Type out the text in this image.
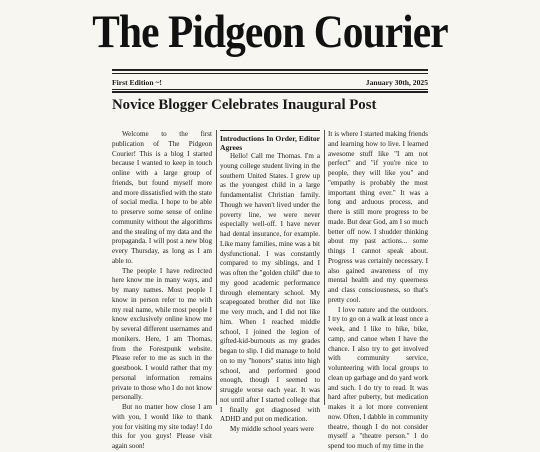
The Pidgeon Courier
First Edition ~!	January 30th, 2025
Novice Blogger Celebrates Inaugural Post

Welcome to the first publication of The Pidgeon Courier! This is a blog I started because I wanted to keep in touch online with a large group of friends, but found myself more and more dissatisfied with the state of social media. I hope to be able to preserve some sense of online community without the algorithms and the stealing of my data and the propaganda. I will post a new blog every Thursday, as long as I am able to.

The people I have redirected here know me in many ways, and by many names. Most people I know in person refer to me with my real name, while most people I know exclusively online know me by several different usernames and monikers. Here, I am Thomas, from the Forestpunk website. Please refer to me as such in the guestbook. I would rather that my personal information remains private to those who I do not know personally.

But no matter how close I am with you, I would like to thank you for visiting my site today! I do this for you guys! Please visit again soon!

Introductions In Order, Editor Agrees

Hello! Call me Thomas. I'm a young college student living in the southern United States. I grew up as the youngest child in a large fundamentalist Christian family. Though we haven't lived under the poverty line, we were never especially well-off. I have never had dental insurance, for example. Like many families, mine was a bit dysfunctional. I was constantly compared to my siblings, and I was often the "golden child" due to my good academic performance through elementary school. My scapegoated brother did not like me very much, and I did not like him. When I reached middle school, I joined the legion of gifted-kid-burnouts as my grades began to slip. I did manage to hold on to my "honors" status into high school, and performed good enough, though I seemed to struggle worse each year. It was not until after I started college that I finally got diagnosed with ADHD and put on medication.

My middle school years were

It is where I started making friends and learning how to live. I learned awesome stuff like "I am not perfect" and "if you're nice to people, they will like you" and "empathy is probably the most important thing ever." It was a long and arduous process, and there is still more progress to be made. But dear God, am I so much better off now. I shudder thinking about my past actions... some things I cannot speak about. Progress was certainly necessary. I also gained awareness of my mental health and my queerness and class consciousness, so that's pretty cool.

I love nature and the outdoors. I try to go on a walk at least once a week, and I like to hike, bike, camp, and canoe when I have the chance. I also try to get involved with community service, volunteering with local groups to clean up garbage and do yard work and such. I do try to read. It was hard after puberty, but medication makes it a lot more convenient now. Often, I dabble in community theatre, though I do not consider myself a "theatre person." I do spend too much of my time in the
